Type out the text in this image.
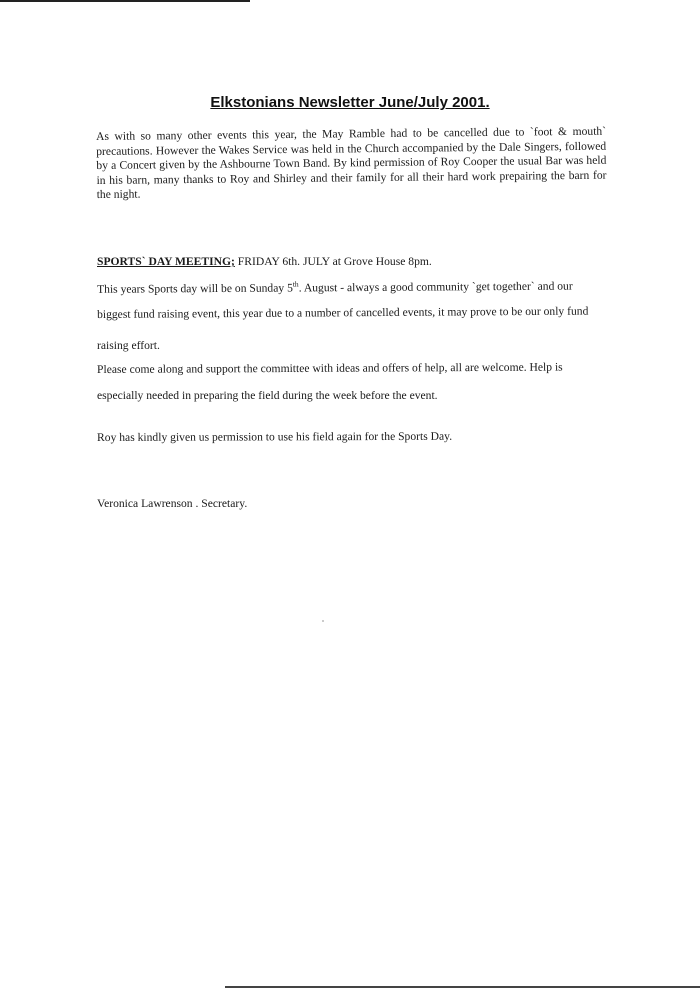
Elkstonians Newsletter June/July 2001.

As with so many other events this year, the May Ramble had to be cancelled due to `foot & mouth` precautions. However the Wakes Service was held in the Church accompanied by the Dale Singers, followed by a Concert given by the Ashbourne Town Band. By kind permission of Roy Cooper the usual Bar was held in his barn, many thanks to Roy and Shirley and their family for all their hard work prepairing the barn for the night.

SPORTS` DAY MEETING; FRIDAY 6th. JULY at Grove House 8pm.

This years Sports day will be on Sunday 5th. August - always a good community `get together` and our

biggest fund raising event, this year due to a number of cancelled events, it may prove to be our only fund

raising effort.

Please come along and support the committee with ideas and offers of help, all are welcome. Help is

especially needed in preparing the field during the week before the event.

Roy has kindly given us permission to use his field again for the Sports Day.

Veronica Lawrenson . Secretary.
